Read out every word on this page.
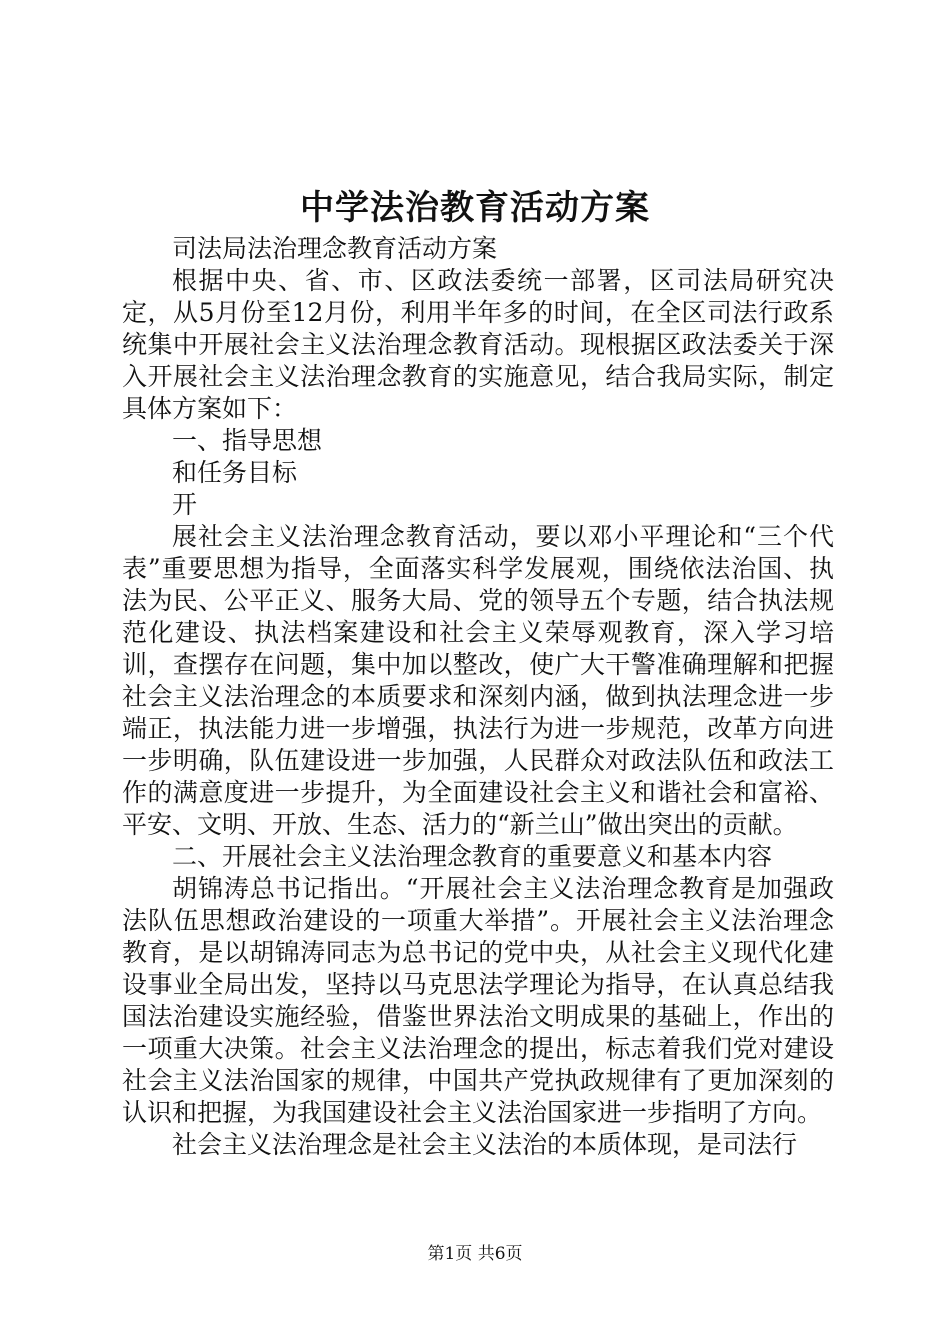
中学法治教育活动方案

司法局法治理念教育活动方案

根据中央、省、市、区政法委统一部署，区司法局研究决定，从5月份至12月份，利用半年多的时间，在全区司法行政系统集中开展社会主义法治理念教育活动。现根据区政法委关于深入开展社会主义法治理念教育的实施意见，结合我局实际，制定具体方案如下：

一、指导思想

和任务目标

开

展社会主义法治理念教育活动，要以邓小平理论和“三个代表”重要思想为指导，全面落实科学发展观，围绕依法治国、执法为民、公平正义、服务大局、党的领导五个专题，结合执法规范化建设、执法档案建设和社会主义荣辱观教育，深入学习培训，查摆存在问题，集中加以整改，使广大干警准确理解和把握社会主义法治理念的本质要求和深刻内涵，做到执法理念进一步端正，执法能力进一步增强，执法行为进一步规范，改革方向进一步明确，队伍建设进一步加强，人民群众对政法队伍和政法工作的满意度进一步提升，为全面建设社会主义和谐社会和富裕、平安、文明、开放、生态、活力的“新兰山”做出突出的贡献。

二、开展社会主义法治理念教育的重要意义和基本内容

胡锦涛总书记指出。“开展社会主义法治理念教育是加强政法队伍思想政治建设的一项重大举措”。开展社会主义法治理念教育，是以胡锦涛同志为总书记的党中央，从社会主义现代化建设事业全局出发，坚持以马克思法学理论为指导，在认真总结我国法治建设实施经验，借鉴世界法治文明成果的基础上，作出的一项重大决策。社会主义法治理念的提出，标志着我们党对建设社会主义法治国家的规律，中国共产党执政规律有了更加深刻的认识和把握，为我国建设社会主义法治国家进一步指明了方向。

社会主义法治理念是社会主义法治的本质体现，是司法行

第1页 共6页
